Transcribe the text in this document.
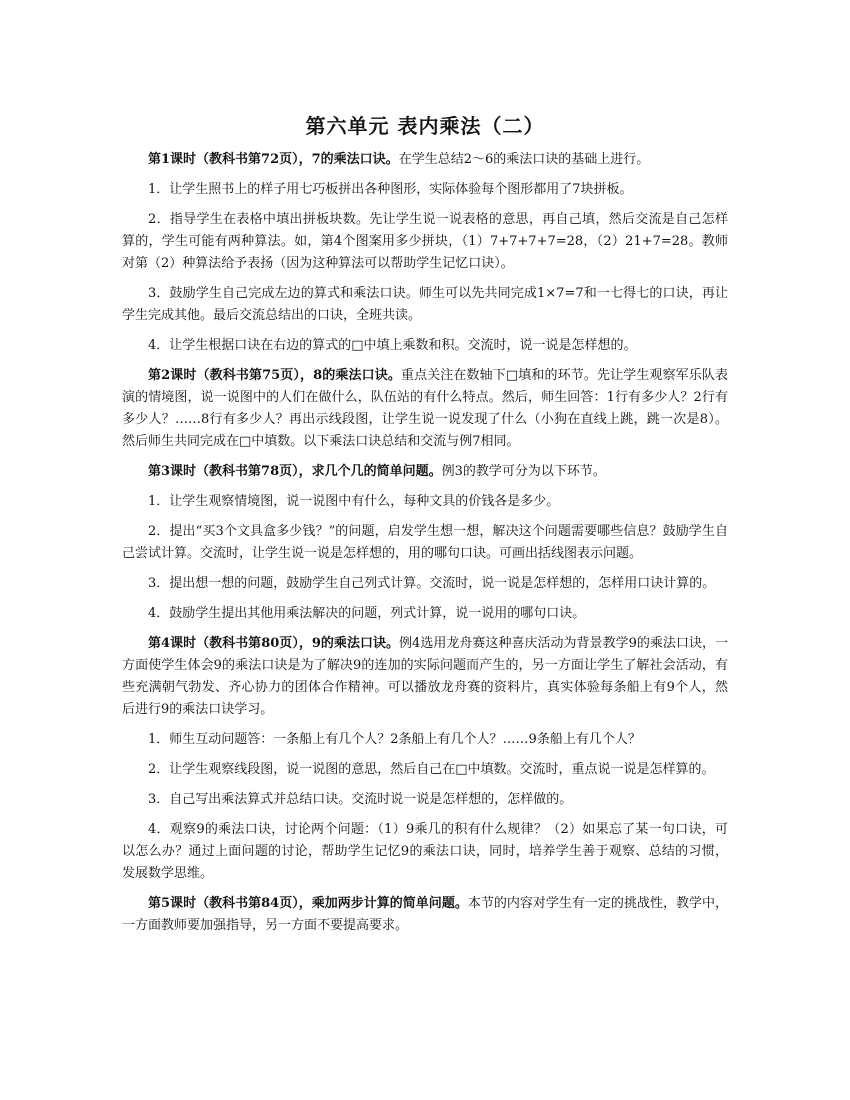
第六单元 表内乘法（二）

第1课时（教科书第72页），7的乘法口诀。在学生总结2～6的乘法口诀的基础上进行。

1．让学生照书上的样子用七巧板拼出各种图形，实际体验每个图形都用了7块拼板。

2．指导学生在表格中填出拼板块数。先让学生说一说表格的意思，再自己填，然后交流是自己怎样算的，学生可能有两种算法。如，第4个图案用多少拼块，（1）7+7+7+7=28，（2）21+7=28。教师对第（2）种算法给予表扬（因为这种算法可以帮助学生记忆口诀）。

3．鼓励学生自己完成左边的算式和乘法口诀。师生可以先共同完成1×7=7和一七得七的口诀，再让学生完成其他。最后交流总结出的口诀，全班共读。

4．让学生根据口诀在右边的算式的□中填上乘数和积。交流时，说一说是怎样想的。

第2课时（教科书第75页），8的乘法口诀。重点关注在数轴下□填和的环节。先让学生观察军乐队表演的情境图，说一说图中的人们在做什么，队伍站的有什么特点。然后，师生回答：1行有多少人？2行有多少人？……8行有多少人？再出示线段图，让学生说一说发现了什么（小狗在直线上跳，跳一次是8）。然后师生共同完成在□中填数。以下乘法口诀总结和交流与例7相同。

第3课时（教科书第78页），求几个几的简单问题。例3的教学可分为以下环节。

1．让学生观察情境图，说一说图中有什么，每种文具的价钱各是多少。

2．提出“买3个文具盒多少钱？”的问题，启发学生想一想，解决这个问题需要哪些信息？鼓励学生自己尝试计算。交流时，让学生说一说是怎样想的，用的哪句口诀。可画出括线图表示问题。

3．提出想一想的问题，鼓励学生自己列式计算。交流时，说一说是怎样想的，怎样用口诀计算的。

4．鼓励学生提出其他用乘法解决的问题，列式计算，说一说用的哪句口诀。

第4课时（教科书第80页），9的乘法口诀。例4选用龙舟赛这种喜庆活动为背景教学9的乘法口诀，一方面使学生体会9的乘法口诀是为了解决9的连加的实际问题而产生的，另一方面让学生了解社会活动，有些充满朝气勃发、齐心协力的团体合作精神。可以播放龙舟赛的资料片，真实体验每条船上有9个人，然后进行9的乘法口诀学习。

1．师生互动问题答：一条船上有几个人？2条船上有几个人？……9条船上有几个人？

2．让学生观察线段图，说一说图的意思，然后自己在□中填数。交流时，重点说一说是怎样算的。

3．自己写出乘法算式并总结口诀。交流时说一说是怎样想的，怎样做的。

4．观察9的乘法口诀，讨论两个问题：（1）9乘几的积有什么规律？（2）如果忘了某一句口诀，可以怎么办？通过上面问题的讨论，帮助学生记忆9的乘法口诀，同时，培养学生善于观察、总结的习惯，发展数学思维。

第5课时（教科书第84页），乘加两步计算的简单问题。本节的内容对学生有一定的挑战性，教学中，一方面教师要加强指导，另一方面不要提高要求。
